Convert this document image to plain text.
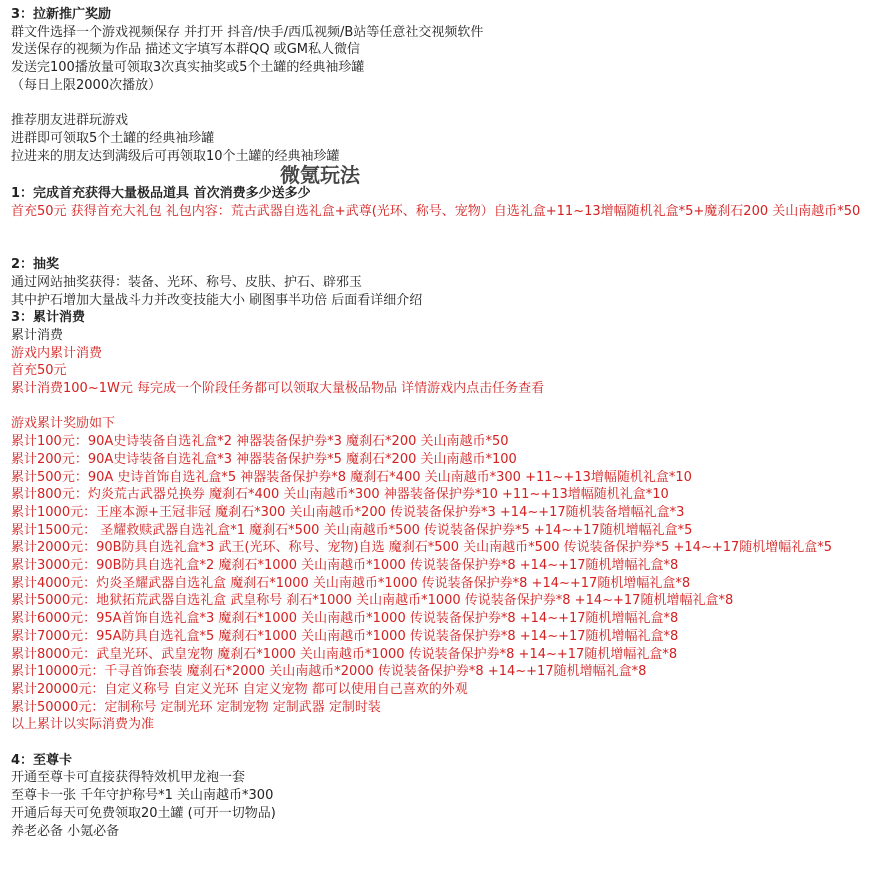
3：拉新推广奖励
群文件选择一个游戏视频保存 并打开 抖音/快手/西瓜视频/B站等任意社交视频软件
发送保存的视频为作品 描述文字填写本群QQ 或GM私人微信
发送完100播放量可领取3次真实抽奖或5个土罐的经典袖珍罐
（每日上限2000次播放）
推荐朋友进群玩游戏
进群即可领取5个土罐的经典袖珍罐
拉进来的朋友达到满级后可再领取10个土罐的经典袖珍罐
微氪玩法
1：完成首充获得大量极品道具 首次消费多少送多少
首充50元 获得首充大礼包 礼包内容：荒古武器自选礼盒+武尊(光环、称号、宠物）自选礼盒+11~13增幅随机礼盒*5+魔刹石200 关山南越币*50
2：抽奖
通过网站抽奖获得：装备、光环、称号、皮肤、护石、辟邪玉
其中护石增加大量战斗力并改变技能大小 刷图事半功倍 后面看详细介绍
3：累计消费
累计消费
游戏内累计消费
首充50元
累计消费100~1W元 每完成一个阶段任务都可以领取大量极品物品 详情游戏内点击任务查看
游戏累计奖励如下
累计100元：90A史诗装备自选礼盒*2 神器装备保护券*3 魔刹石*200 关山南越币*50
累计200元：90A史诗装备自选礼盒*3 神器装备保护券*5 魔刹石*200 关山南越币*100
累计500元：90A 史诗首饰自选礼盒*5 神器装备保护券*8 魔刹石*400 关山南越币*300 +11~+13增幅随机礼盒*10
累计800元：灼炎荒古武器兑换券 魔刹石*400 关山南越币*300 神器装备保护券*10 +11~+13增幅随机礼盒*10
累计1000元：王座本源+王冠非冠 魔刹石*300 关山南越币*200 传说装备保护券*3 +14~+17随机装备增幅礼盒*3
累计1500元： 圣耀救赎武器自选礼盒*1 魔刹石*500 关山南越币*500 传说装备保护券*5 +14~+17随机增幅礼盒*5
累计2000元：90B防具自选礼盒*3 武王(光环、称号、宠物)自选 魔刹石*500 关山南越币*500 传说装备保护券*5 +14~+17随机增幅礼盒*5
累计3000元：90B防具自选礼盒*2 魔刹石*1000 关山南越币*1000 传说装备保护券*8 +14~+17随机增幅礼盒*8
累计4000元：灼炎圣耀武器自选礼盒 魔刹石*1000 关山南越币*1000 传说装备保护券*8 +14~+17随机增幅礼盒*8
累计5000元：地狱拓荒武器自选礼盒 武皇称号 刹石*1000 关山南越币*1000 传说装备保护券*8 +14~+17随机增幅礼盒*8
累计6000元：95A首饰自选礼盒*3 魔刹石*1000 关山南越币*1000 传说装备保护券*8 +14~+17随机增幅礼盒*8
累计7000元：95A防具自选礼盒*5 魔刹石*1000 关山南越币*1000 传说装备保护券*8 +14~+17随机增幅礼盒*8
累计8000元：武皇光环、武皇宠物 魔刹石*1000 关山南越币*1000 传说装备保护券*8 +14~+17随机增幅礼盒*8
累计10000元：千寻首饰套装 魔刹石*2000 关山南越币*2000 传说装备保护券*8 +14~+17随机增幅礼盒*8
累计20000元：自定义称号 自定义光环 自定义宠物 都可以使用自己喜欢的外观
累计50000元：定制称号 定制光环 定制宠物 定制武器 定制时装
以上累计以实际消费为准
4：至尊卡
开通至尊卡可直接获得特效机甲龙袍一套
至尊卡一张 千年守护称号*1 关山南越币*300
开通后每天可免费领取20土罐 (可开一切物品)
养老必备 小氪必备
